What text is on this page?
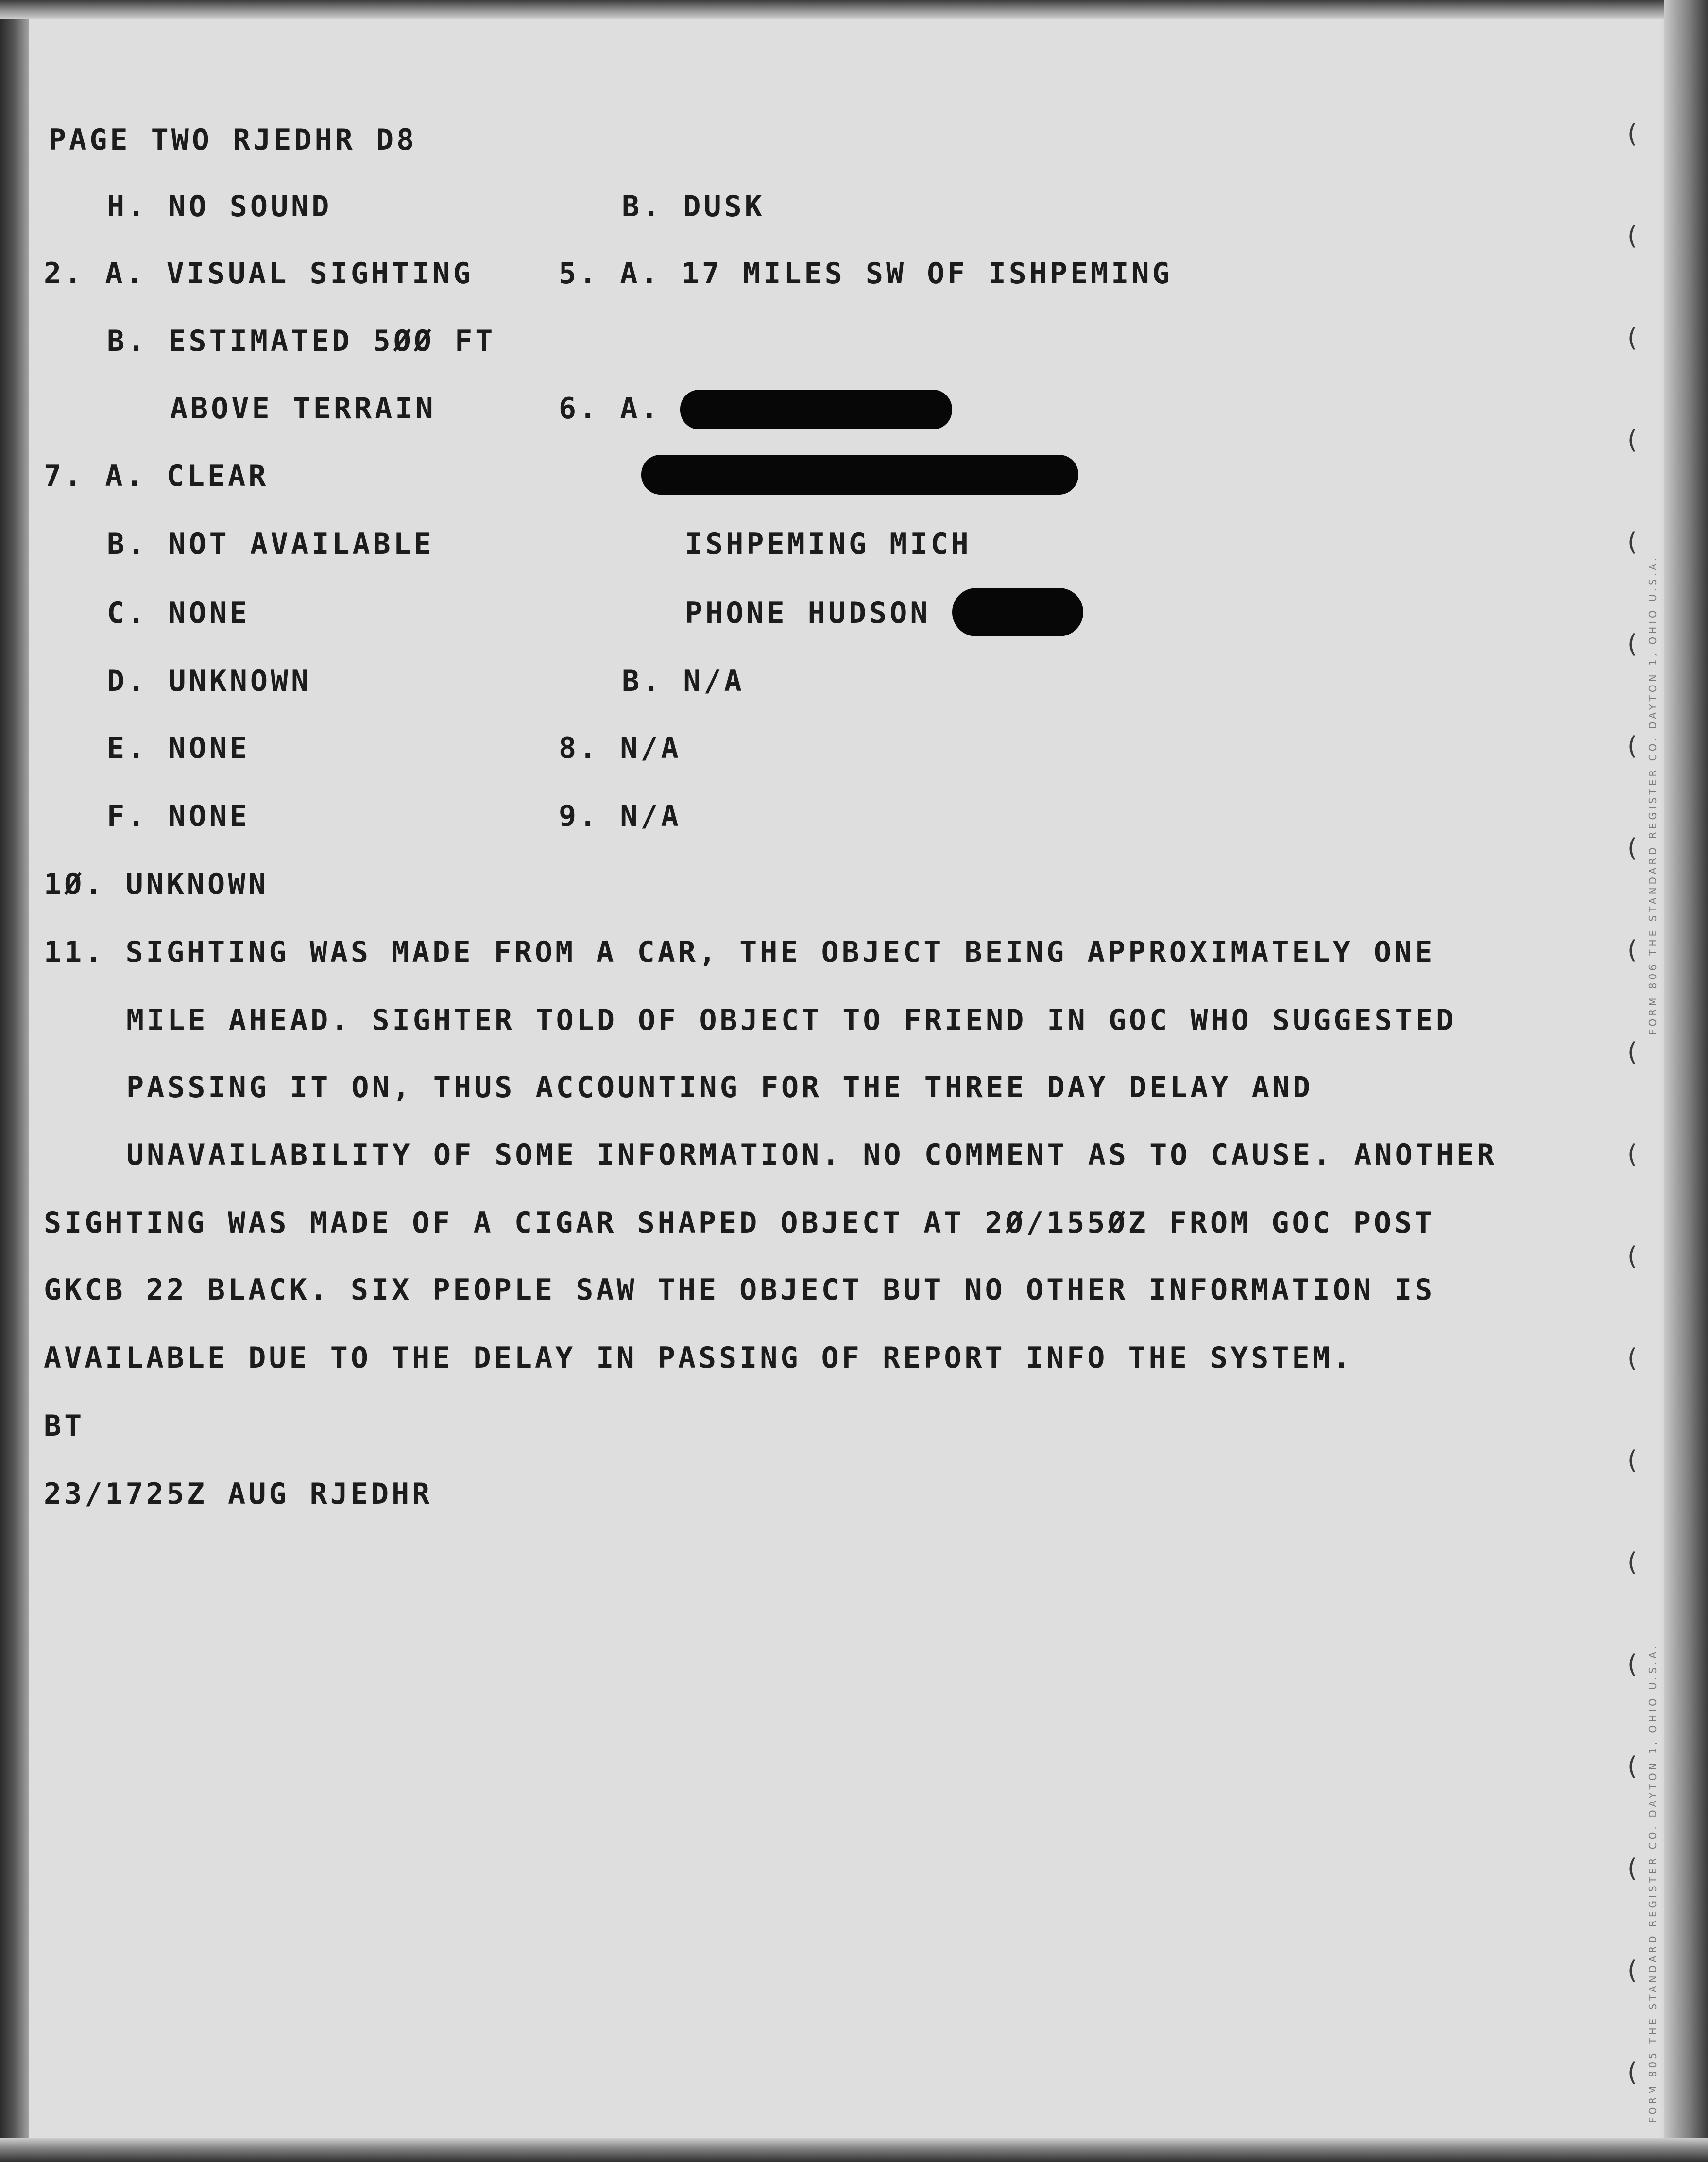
PAGE TWO RJEDHR D8
H. NO SOUND
2. A. VISUAL SIGHTING
B. ESTIMATED 5ØØ FT
ABOVE TERRAIN
7. A. CLEAR
B. NOT AVAILABLE
C. NONE
D. UNKNOWN
E. NONE
F. NONE
1Ø. UNKNOWN
B. DUSK
5. A. 17 MILES SW OF ISHPEMING
6. A.
ISHPEMING MICH
PHONE HUDSON
B. N/A
8. N/A
9. N/A
11. SIGHTING WAS MADE FROM A CAR, THE OBJECT BEING APPROXIMATELY ONE
MILE AHEAD. SIGHTER TOLD OF OBJECT TO FRIEND IN GOC WHO SUGGESTED
PASSING IT ON, THUS ACCOUNTING FOR THE THREE DAY DELAY AND
UNAVAILABILITY OF SOME INFORMATION. NO COMMENT AS TO CAUSE. ANOTHER
SIGHTING WAS MADE OF A CIGAR SHAPED OBJECT AT 2Ø/155ØZ FROM GOC POST
GKCB 22 BLACK. SIX PEOPLE SAW THE OBJECT BUT NO OTHER INFORMATION IS
AVAILABLE DUE TO THE DELAY IN PASSING OF REPORT INFO THE SYSTEM.
BT
23/1725Z AUG RJEDHR
(
(
(
(
(
(
(
(
(
(
(
(
(
(
(
(
(
(
(
(
FORM 806 THE STANDARD REGISTER CO. DAYTON 1, OHIO U.S.A.
FORM 805 THE STANDARD REGISTER CO. DAYTON 1, OHIO U.S.A.
